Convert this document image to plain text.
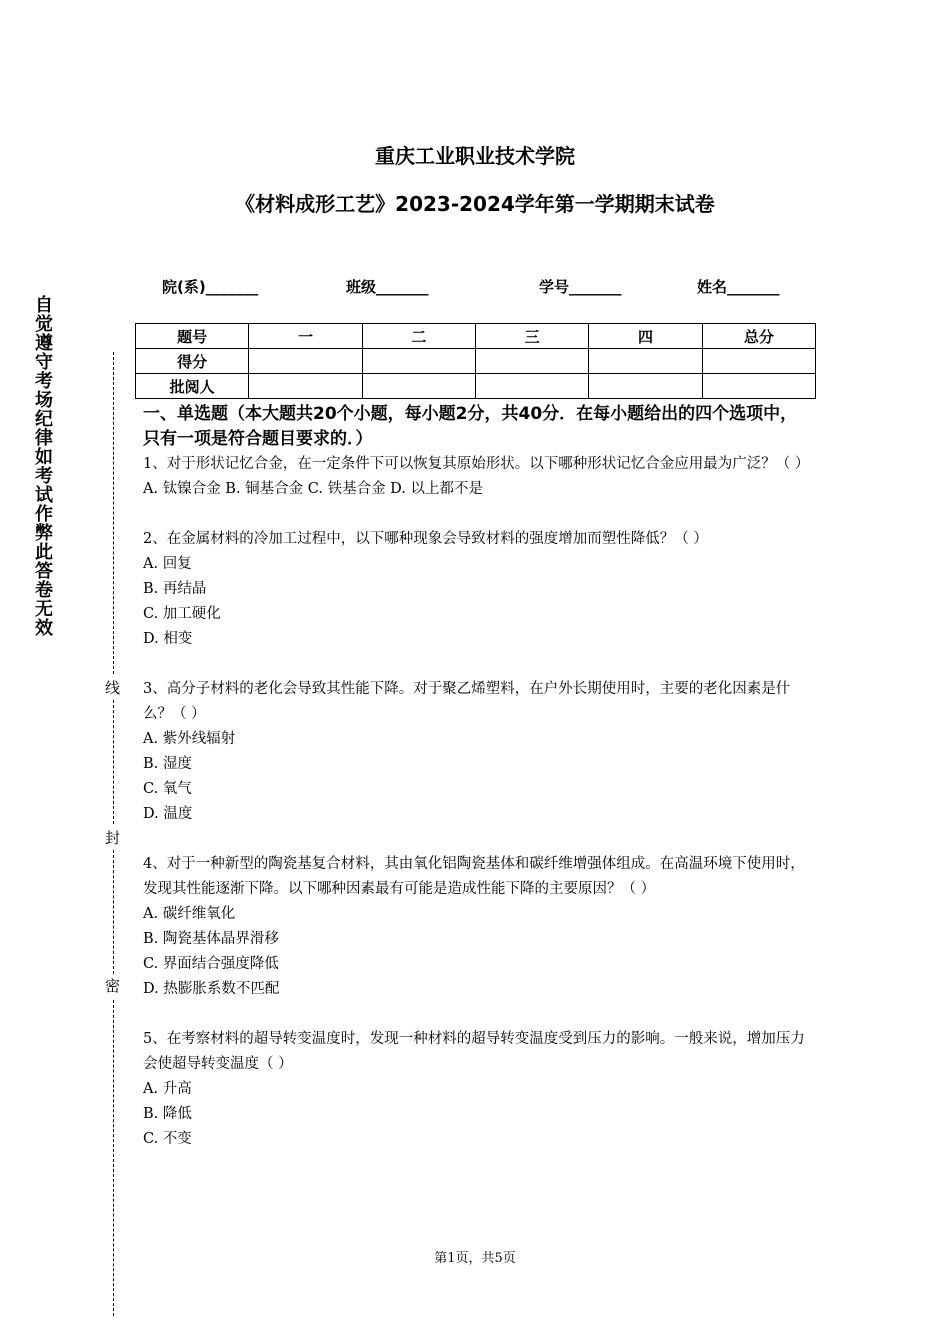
重庆工业职业技术学院
《材料成形工艺》2023-2024学年第一学期期末试卷
院(系)_______	班级_______	学号_______	姓名_______
题号	一	二	三	四	总分
得分					
批阅人					
自觉遵守考场纪律如考试作弊此答卷无效
线
封
密

一、单选题（本大题共20个小题，每小题2分，共40分．在每小题给出的四个选项中，只有一项是符合题目要求的．）

1、对于形状记忆合金，在一定条件下可以恢复其原始形状。以下哪种形状记忆合金应用最为广泛？（ ）

A. 钛镍合金 B. 铜基合金 C. 铁基合金 D. 以上都不是

2、在金属材料的冷加工过程中，以下哪种现象会导致材料的强度增加而塑性降低？（ ）

A. 回复

B. 再结晶

C. 加工硬化

D. 相变

3、高分子材料的老化会导致其性能下降。对于聚乙烯塑料，在户外长期使用时，主要的老化因素是什么？（ ）

A. 紫外线辐射

B. 湿度

C. 氧气

D. 温度

4、对于一种新型的陶瓷基复合材料，其由氧化铝陶瓷基体和碳纤维增强体组成。在高温环境下使用时，发现其性能逐渐下降。以下哪种因素最有可能是造成性能下降的主要原因？（ ）

A. 碳纤维氧化

B. 陶瓷基体晶界滑移

C. 界面结合强度降低

D. 热膨胀系数不匹配

5、在考察材料的超导转变温度时，发现一种材料的超导转变温度受到压力的影响。一般来说，增加压力会使超导转变温度（ ）

A. 升高

B. 降低

C. 不变

第1页，共5页
